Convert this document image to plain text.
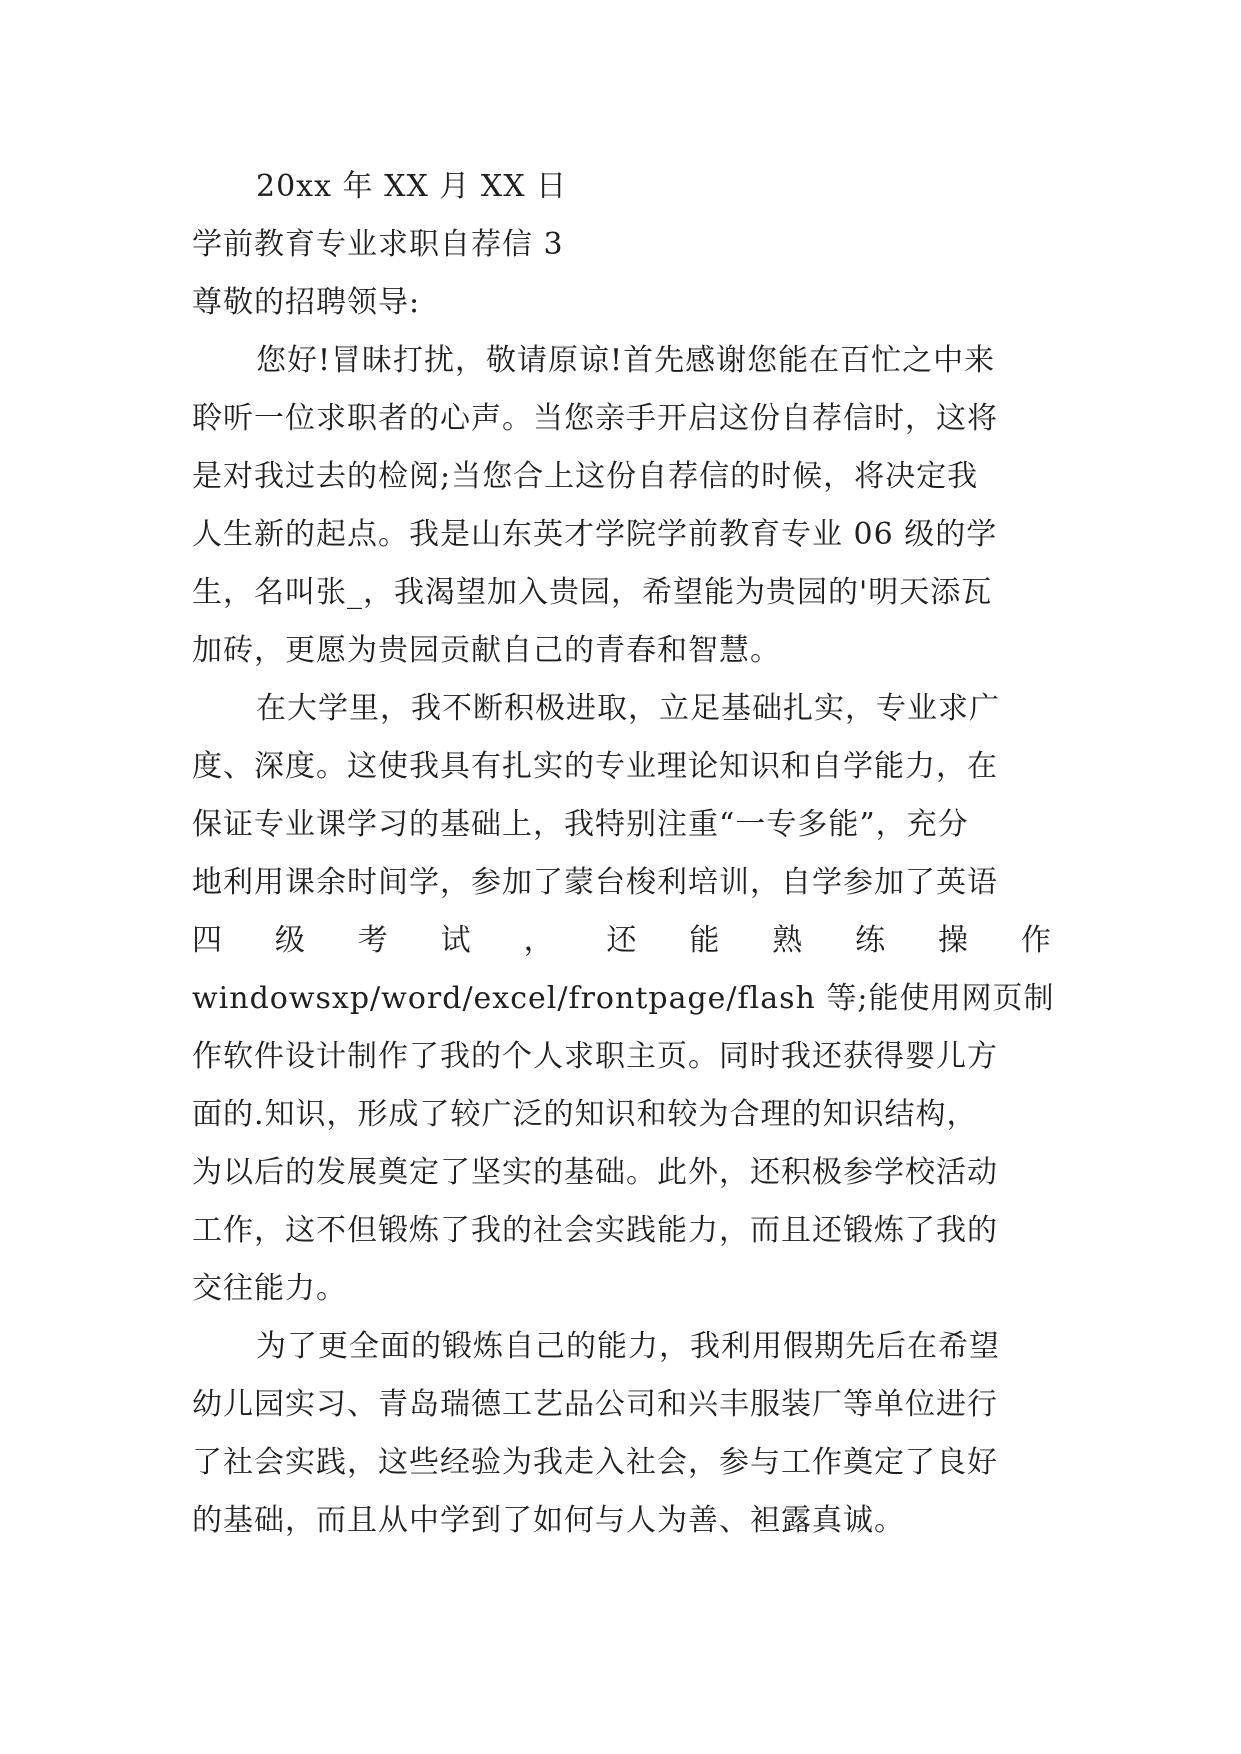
20xx 年 XX 月 XX 日
学前教育专业求职自荐信 3
尊敬的招聘领导:
您好!冒昧打扰，敬请原谅!首先感谢您能在百忙之中来
聆听一位求职者的心声。当您亲手开启这份自荐信时，这将
是对我过去的检阅;当您合上这份自荐信的时候，将决定我
人生新的起点。我是山东英才学院学前教育专业 06 级的学
生，名叫张_，我渴望加入贵园，希望能为贵园的'明天添瓦
加砖，更愿为贵园贡献自己的青春和智慧。
在大学里，我不断积极进取，立足基础扎实，专业求广
度、深度。这使我具有扎实的专业理论知识和自学能力，在
保证专业课学习的基础上，我特别注重“一专多能”，充分
地利用课余时间学，参加了蒙台梭利培训，自学参加了英语
四 级 考 试 ， 还 能 熟 练 操 作
windowsxp/word/excel/frontpage/flash 等;能使用网页制
作软件设计制作了我的个人求职主页。同时我还获得婴儿方
面的.知识，形成了较广泛的知识和较为合理的知识结构，
为以后的发展奠定了坚实的基础。此外，还积极参学校活动
工作，这不但锻炼了我的社会实践能力，而且还锻炼了我的
交往能力。
为了更全面的锻炼自己的能力，我利用假期先后在希望
幼儿园实习、青岛瑞德工艺品公司和兴丰服装厂等单位进行
了社会实践，这些经验为我走入社会，参与工作奠定了良好
的基础，而且从中学到了如何与人为善、袒露真诚。
